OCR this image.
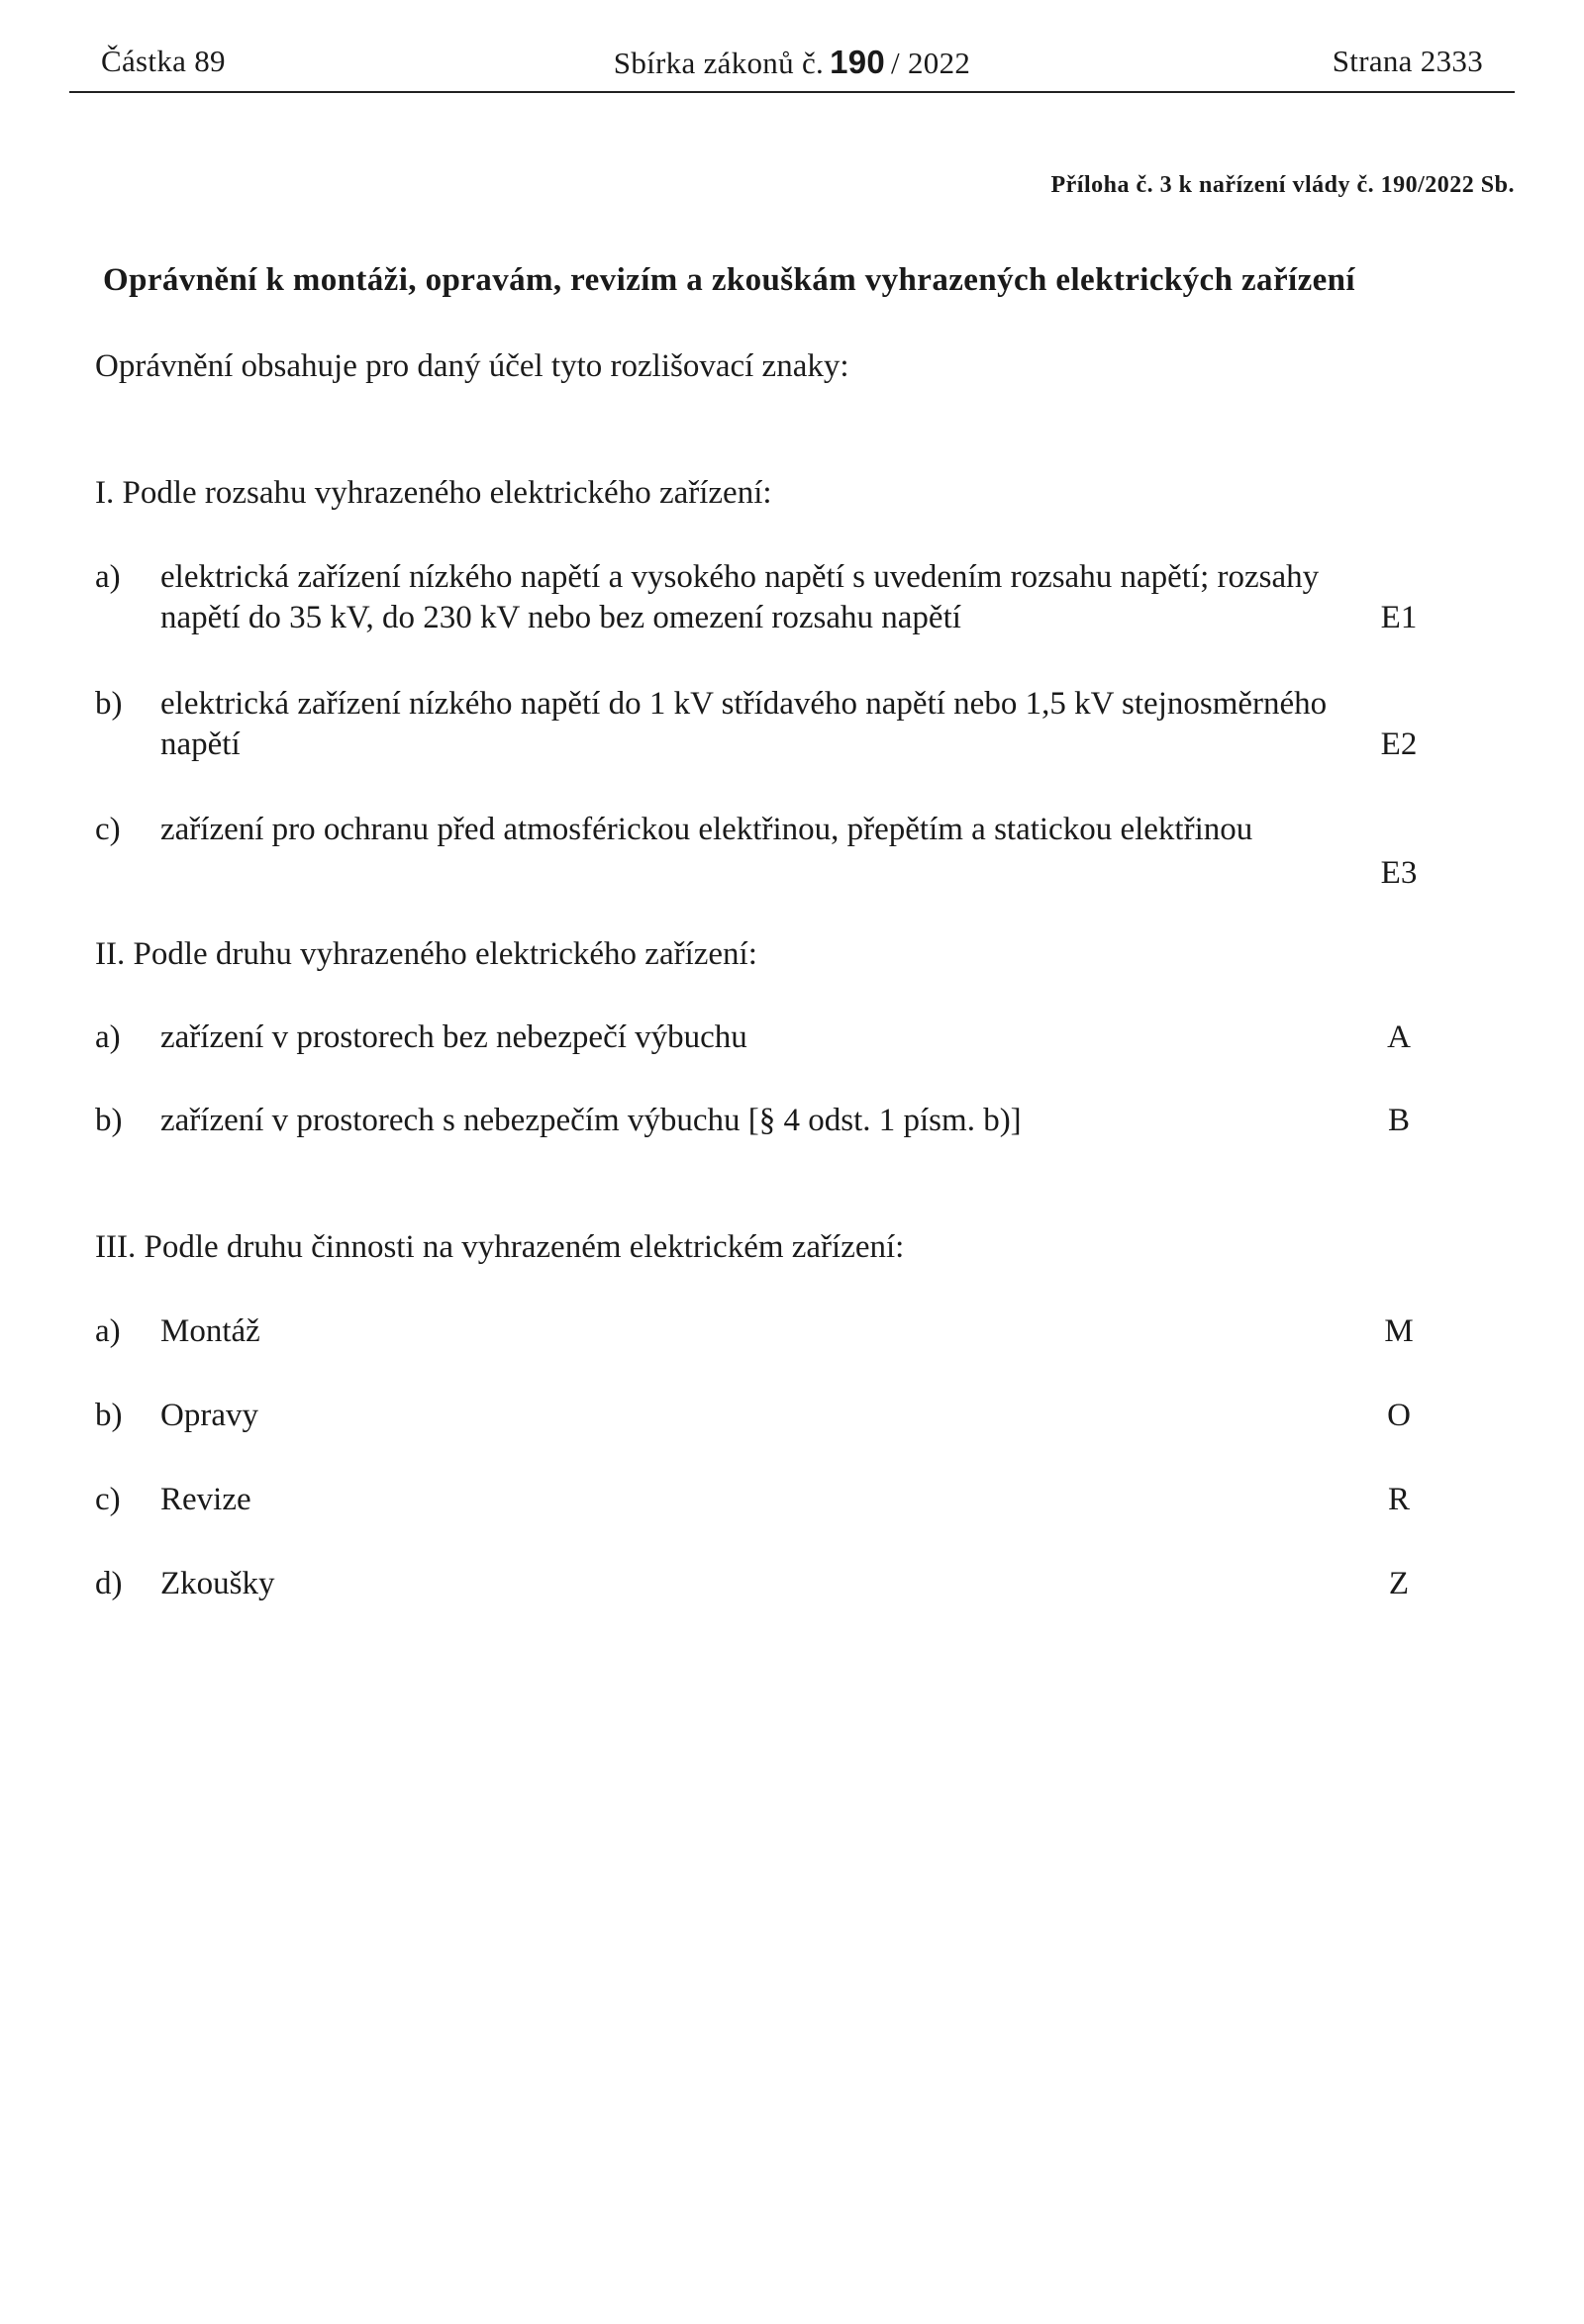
Částka 89	Sbírka zákonů č. 190 / 2022	Strana 2333
Příloha č. 3 k nařízení vlády č. 190/2022 Sb.
Oprávnění k montáži, opravám, revizím a zkouškám vyhrazených elektrických zařízení
Oprávnění obsahuje pro daný účel tyto rozlišovací znaky:
I. Podle rozsahu vyhrazeného elektrického zařízení:
a) elektrická zařízení nízkého napětí a vysokého napětí s uvedením rozsahu napětí; rozsahy
napětí do 35 kV, do 230 kV nebo bez omezení rozsahu napětí	E1
b) elektrická zařízení nízkého napětí do 1 kV střídavého napětí nebo 1,5 kV stejnosměrného
napětí	E2
c) zařízení pro ochranu před atmosférickou elektřinou, přepětím a statickou elektřinou
E3
II. Podle druhu vyhrazeného elektrického zařízení:
a) zařízení v prostorech bez nebezpečí výbuchu	A
b) zařízení v prostorech s nebezpečím výbuchu [§ 4 odst. 1 písm. b)]	B
III. Podle druhu činnosti na vyhrazeném elektrickém zařízení:
a) Montáž	M
b) Opravy	O
c) Revize	R
d) Zkoušky	Z
